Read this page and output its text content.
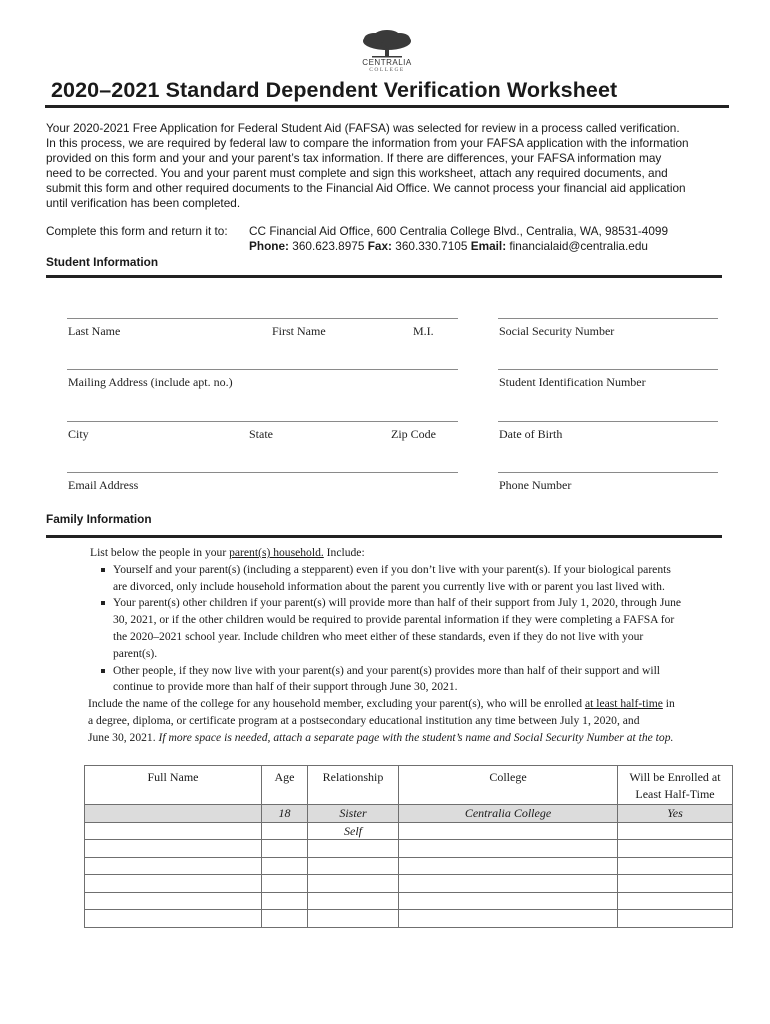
CENTRALIA
COLLEGE
2020–2021 Standard Dependent Verification Worksheet
Your 2020-2021 Free Application for Federal Student Aid (FAFSA) was selected for review in a process called verification.
In this process, we are required by federal law to compare the information from your FAFSA application with the information
provided on this form and your and your parent’s tax information. If there are differences, your FAFSA information may
need to be corrected. You and your parent must complete and sign this worksheet, attach any required documents, and
submit this form and other required documents to the Financial Aid Office. We cannot process your financial aid application
until verification has been completed.
Complete this form and return it to: CC Financial Aid Office, 600 Centralia College Blvd., Centralia, WA, 98531-4099
Phone: 360.623.8975 Fax: 360.330.7105 Email: financialaid@centralia.edu
Student Information
Last Name	First Name	M.I.	Social Security Number
Mailing Address (include apt. no.)	Student Identification Number
City	State	Zip Code	Date of Birth
Email Address	Phone Number
Family Information
List below the people in your parent(s) household. Include:
Yourself and your parent(s) (including a stepparent) even if you don’t live with your parent(s). If your biological parents
are divorced, only include household information about the parent you currently live with or parent you last lived with.
Your parent(s) other children if your parent(s) will provide more than half of their support from July 1, 2020, through June
30, 2021, or if the other children would be required to provide parental information if they were completing a FAFSA for
the 2020–2021 school year. Include children who meet either of these standards, even if they do not live with your
parent(s).
Other people, if they now live with your parent(s) and your parent(s) provides more than half of their support and will
continue to provide more than half of their support through June 30, 2021.
Include the name of the college for any household member, excluding your parent(s), who will be enrolled at least half-time in
a degree, diploma, or certificate program at a postsecondary educational institution any time between July 1, 2020, and
June 30, 2021. If more space is needed, attach a separate page with the student’s name and Social Security Number at the top.
Full Name	Age	Relationship	College	Will be Enrolled at Least Half-Time
	18	Sister	Centralia College	Yes
		Self		
